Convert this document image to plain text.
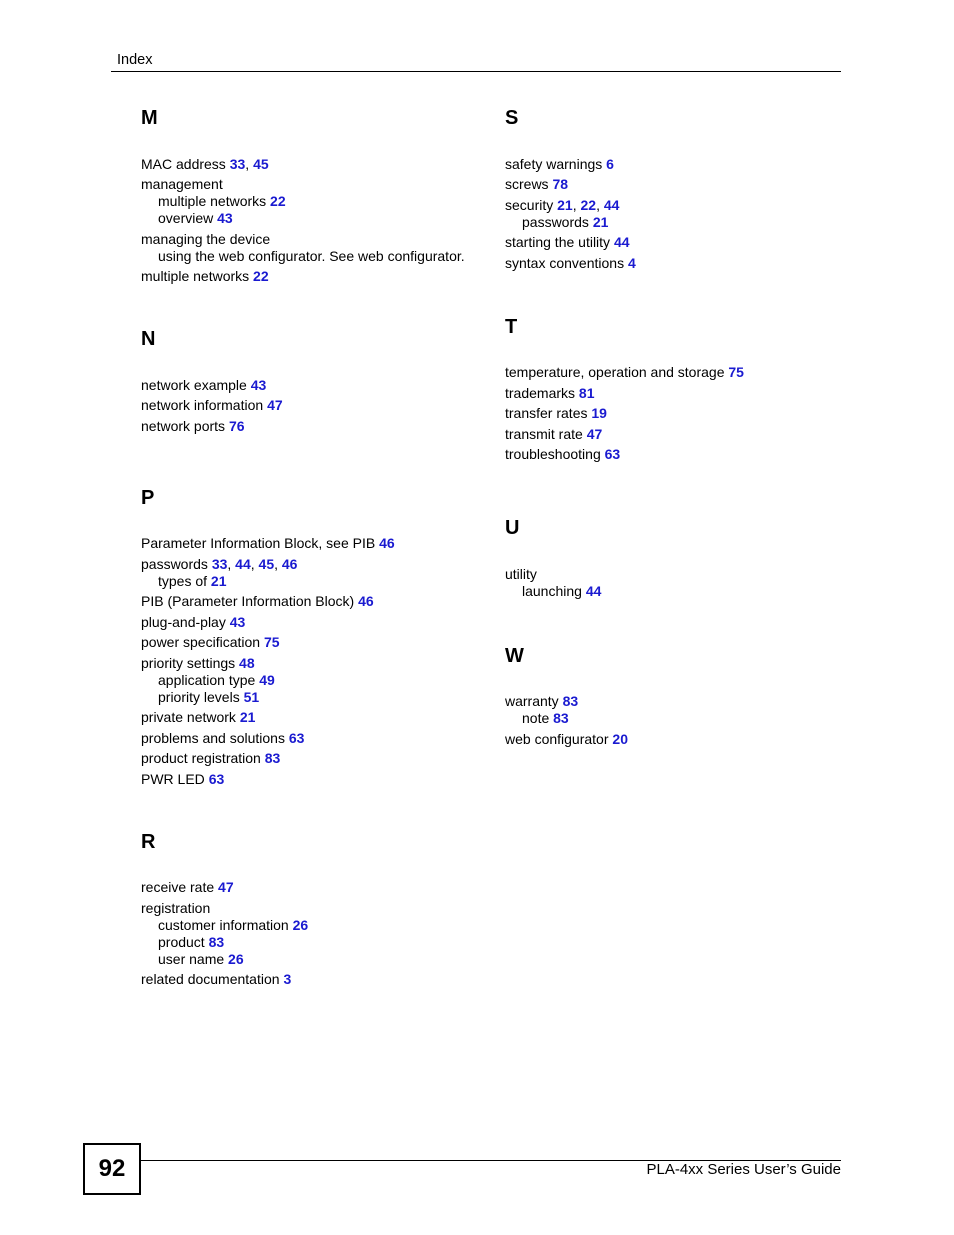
Index
M
MAC address 33, 45
management
multiple networks 22
overview 43
managing the device
using the web configurator. See web configurator.
multiple networks 22
N
network example 43
network information 47
network ports 76
P
Parameter Information Block, see PIB 46
passwords 33, 44, 45, 46
types of 21
PIB (Parameter Information Block) 46
plug-and-play 43
power specification 75
priority settings 48
application type 49
priority levels 51
private network 21
problems and solutions 63
product registration 83
PWR LED 63
R
receive rate 47
registration
customer information 26
product 83
user name 26
related documentation 3
S
safety warnings 6
screws 78
security 21, 22, 44
passwords 21
starting the utility 44
syntax conventions 4
T
temperature, operation and storage 75
trademarks 81
transfer rates 19
transmit rate 47
troubleshooting 63
U
utility
launching 44
W
warranty 83
note 83
web configurator 20
92	PLA-4xx Series User’s Guide
